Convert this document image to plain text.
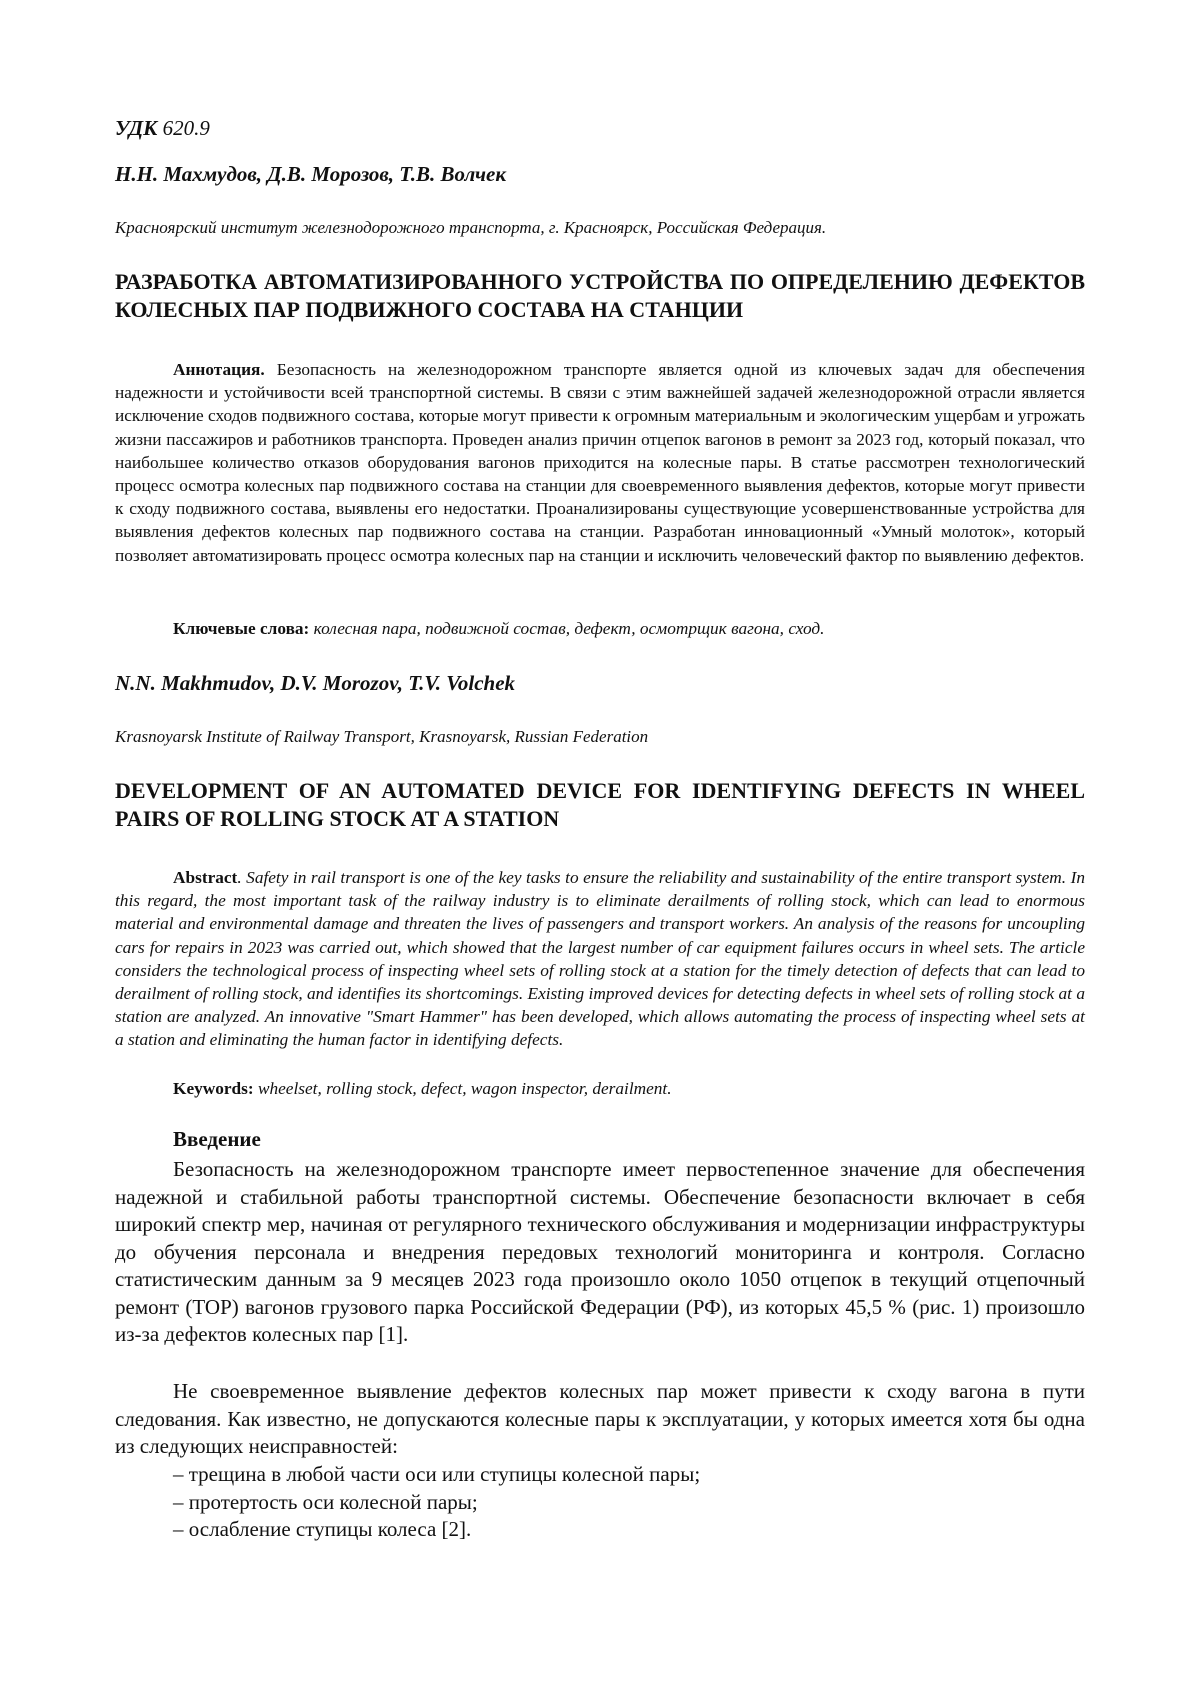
УДК 620.9

Н.Н. Махмудов, Д.В. Морозов, Т.В. Волчек

Красноярский институт железнодорожного транспорта, г. Красноярск, Российская Федерация.

РАЗРАБОТКА АВТОМАТИЗИРОВАННОГО УСТРОЙСТВА ПО ОПРЕДЕЛЕНИЮ ДЕФЕКТОВ КОЛЕСНЫХ ПАР ПОДВИЖНОГО СОСТАВА НА СТАНЦИИ

Аннотация. Безопасность на железнодорожном транспорте является одной из ключевых задач для обеспечения надежности и устойчивости всей транспортной системы. В связи с этим важнейшей задачей железнодорожной отрасли является исключение сходов подвижного состава, которые могут привести к огромным материальным и экологическим ущербам и угрожать жизни пассажиров и работников транспорта. Проведен анализ причин отцепок вагонов в ремонт за 2023 год, который показал, что наибольшее количество отказов оборудования вагонов приходится на колесные пары. В статье рассмотрен технологический процесс осмотра колесных пар подвижного состава на станции для своевременного выявления дефектов, которые могут привести к сходу подвижного состава, выявлены его недостатки. Проанализированы существующие усовершенствованные устройства для выявления дефектов колесных пар подвижного состава на станции. Разработан инновационный «Умный молоток», который позволяет автоматизировать процесс осмотра колесных пар на станции и исключить человеческий фактор по выявлению дефектов.

Ключевые слова: колесная пара, подвижной состав, дефект, осмотрщик вагона, сход.

N.N. Makhmudov, D.V. Morozov, T.V. Volchek

Krasnoyarsk Institute of Railway Transport, Krasnoyarsk, Russian Federation

DEVELOPMENT OF AN AUTOMATED DEVICE FOR IDENTIFYING DEFECTS IN WHEEL PAIRS OF ROLLING STOCK AT A STATION

Abstract. Safety in rail transport is one of the key tasks to ensure the reliability and sustainability of the entire transport system. In this regard, the most important task of the railway industry is to eliminate derailments of rolling stock, which can lead to enormous material and environmental damage and threaten the lives of passengers and transport workers. An analysis of the reasons for uncoupling cars for repairs in 2023 was carried out, which showed that the largest number of car equipment failures occurs in wheel sets. The article considers the technological process of inspecting wheel sets of rolling stock at a station for the timely detection of defects that can lead to derailment of rolling stock, and identifies its shortcomings. Existing improved devices for detecting defects in wheel sets of rolling stock at a station are analyzed. An innovative "Smart Hammer" has been developed, which allows automating the process of inspecting wheel sets at a station and eliminating the human factor in identifying defects.

Keywords: wheelset, rolling stock, defect, wagon inspector, derailment.

Введение

Безопасность на железнодорожном транспорте имеет первостепенное значение для обеспечения надежной и стабильной работы транспортной системы. Обеспечение безопасности включает в себя широкий спектр мер, начиная от регулярного технического обслуживания и модернизации инфраструктуры до обучения персонала и внедрения передовых технологий мониторинга и контроля. Согласно статистическим данным за 9 месяцев 2023 года произошло около 1050 отцепок в текущий отцепочный ремонт (ТОР) вагонов грузового парка Российской Федерации (РФ), из которых 45,5 % (рис. 1) произошло из-за дефектов колесных пар [1].

Не своевременное выявление дефектов колесных пар может привести к сходу вагона в пути следования. Как известно, не допускаются колесные пары к эксплуатации, у которых имеется хотя бы одна из следующих неисправностей:

– трещина в любой части оси или ступицы колесной пары;
– протертость оси колесной пары;
– ослабление ступицы колеса [2].
